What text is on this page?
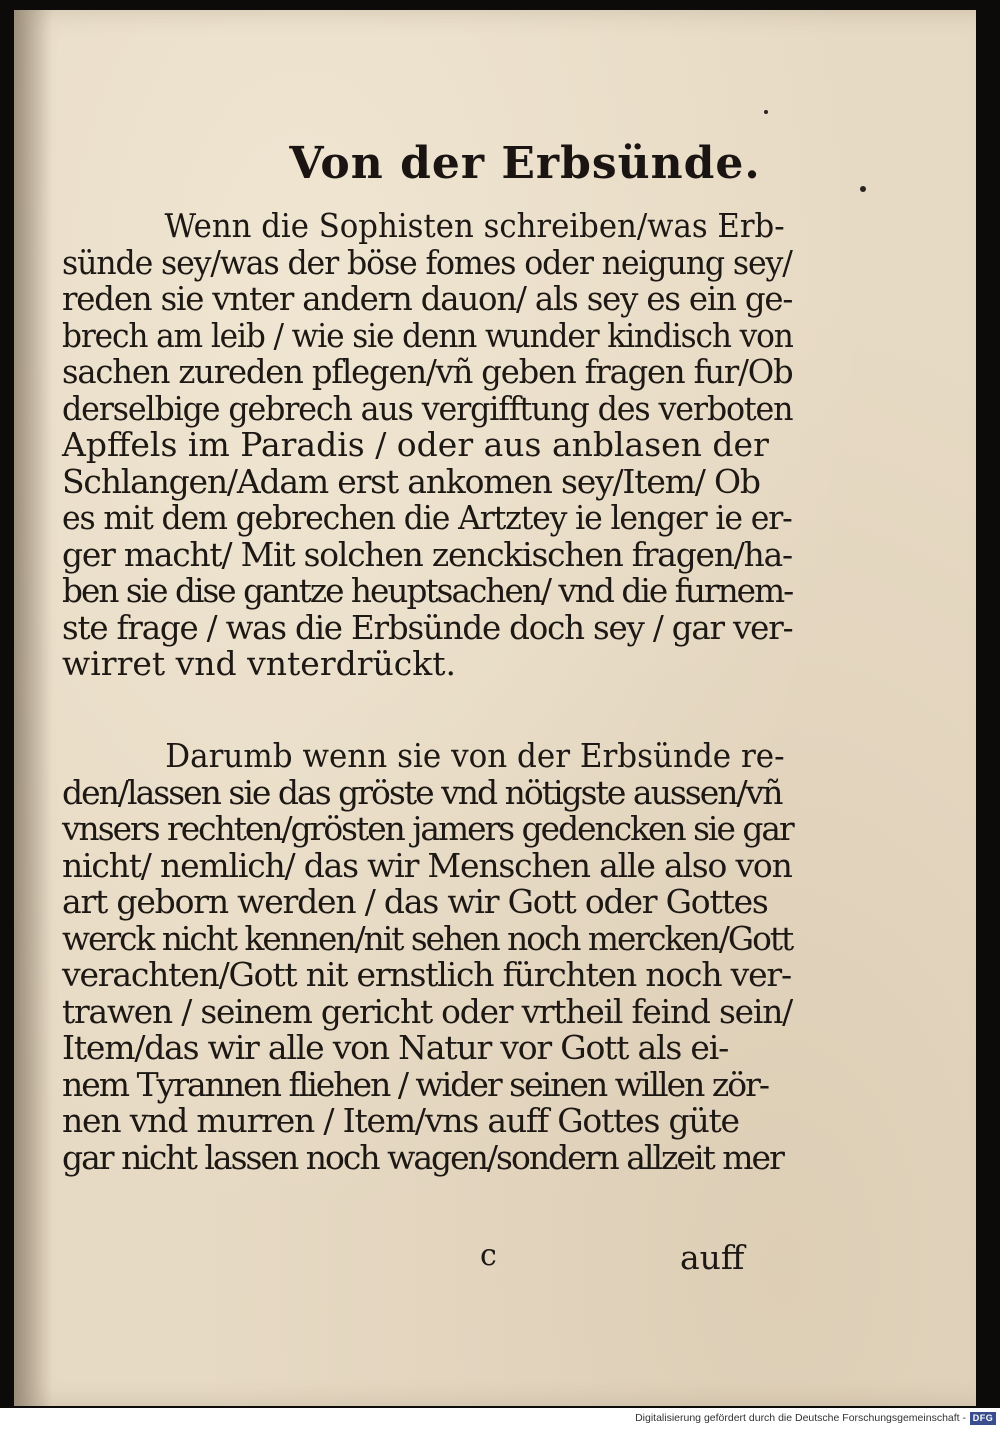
Von der Erbsünde.
Wenn die Sophisten schreiben/was Erb-
sünde sey/was der böse fomes oder neigung sey/
reden sie vnter andern dauon/ als sey es ein ge-
brech am leib / wie sie denn wunder kindisch von
sachen zureden pflegen/vñ geben fragen fur/Ob
derselbige gebrech aus vergifftung des verboten
Apffels im Paradis / oder aus anblasen der
Schlangen/Adam erst ankomen sey/Item/ Ob
es mit dem gebrechen die Artztey ie lenger ie er-
ger macht/ Mit solchen zenckischen fragen/ha-
ben sie dise gantze heuptsachen/ vnd die furnem-
ste frage / was die Erbsünde doch sey / gar ver-
wirret vnd vnterdrückt.
Darumb wenn sie von der Erbsünde re-
den/lassen sie das gröste vnd nötigste aussen/vñ
vnsers rechten/grösten jamers gedencken sie gar
nicht/ nemlich/ das wir Menschen alle also von
art geborn werden / das wir Gott oder Gottes
werck nicht kennen/nit sehen noch mercken/Gott
verachten/Gott nit ernstlich fürchten noch ver-
trawen / seinem gericht oder vrtheil feind sein/
Item/das wir alle von Natur vor Gott als ei-
nem Tyrannen fliehen / wider seinen willen zör-
nen vnd murren / Item/vns auff Gottes güte
gar nicht lassen noch wagen/sondern allzeit mer
c	auff
Digitalisierung gefördert durch die Deutsche Forschungsgemeinschaft - DFG
